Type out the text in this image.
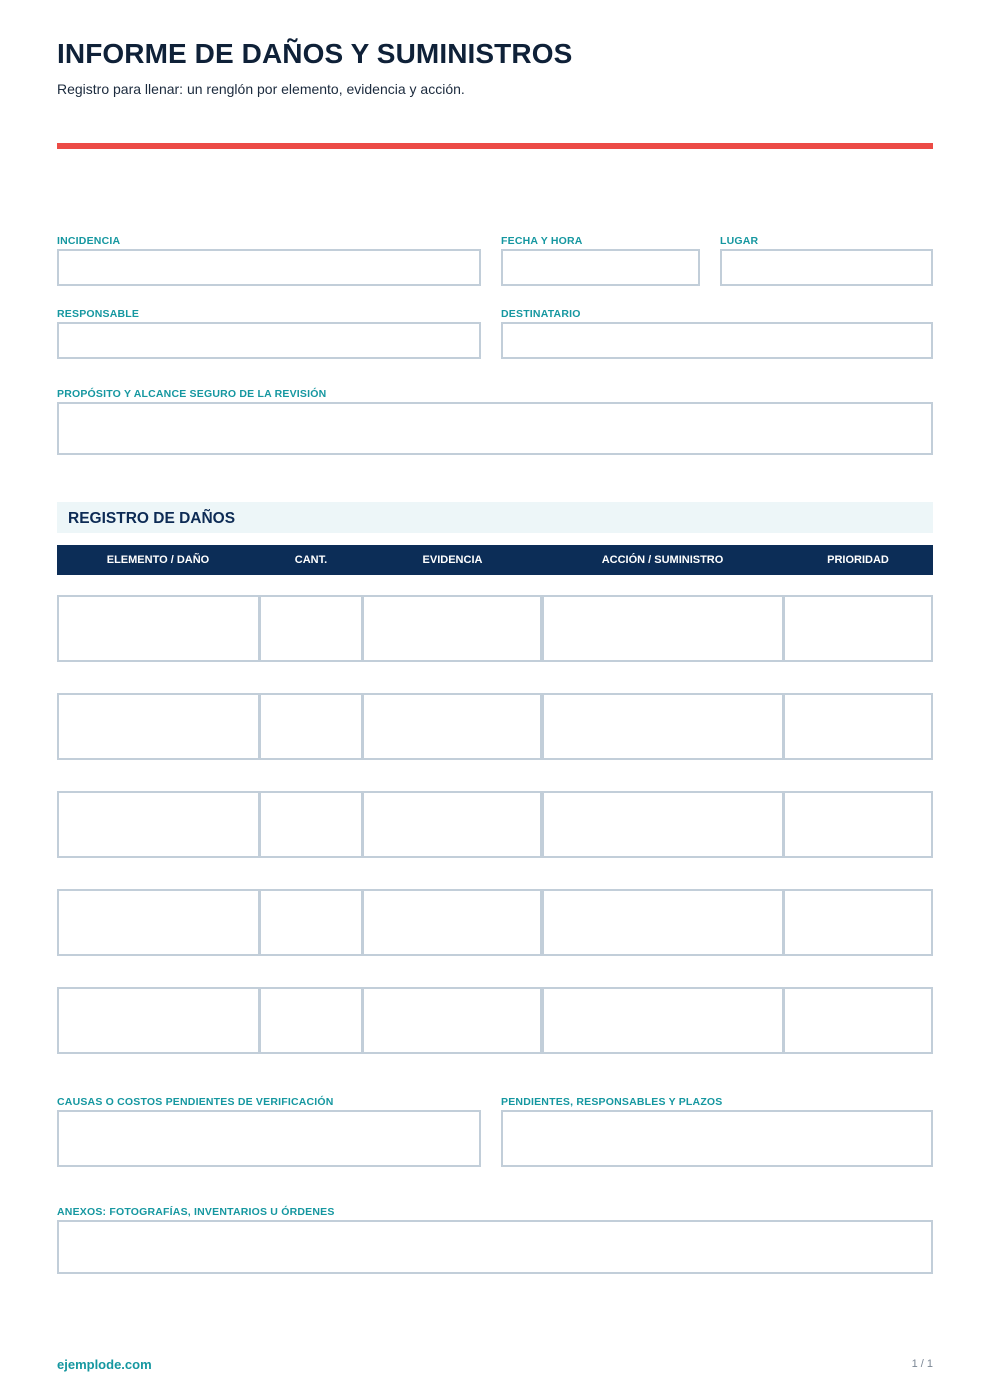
INFORME DE DAÑOS Y SUMINISTROS
Registro para llenar: un renglón por elemento, evidencia y acción.
INCIDENCIA	FECHA Y HORA	LUGAR
RESPONSABLE	DESTINATARIO
PROPÓSITO Y ALCANCE SEGURO DE LA REVISIÓN
REGISTRO DE DAÑOS
ELEMENTO / DAÑO	CANT.	EVIDENCIA	ACCIÓN / SUMINISTRO	PRIORIDAD
CAUSAS O COSTOS PENDIENTES DE VERIFICACIÓN	PENDIENTES, RESPONSABLES Y PLAZOS
ANEXOS: FOTOGRAFÍAS, INVENTARIOS U ÓRDENES
ejemplode.com	1 / 1
